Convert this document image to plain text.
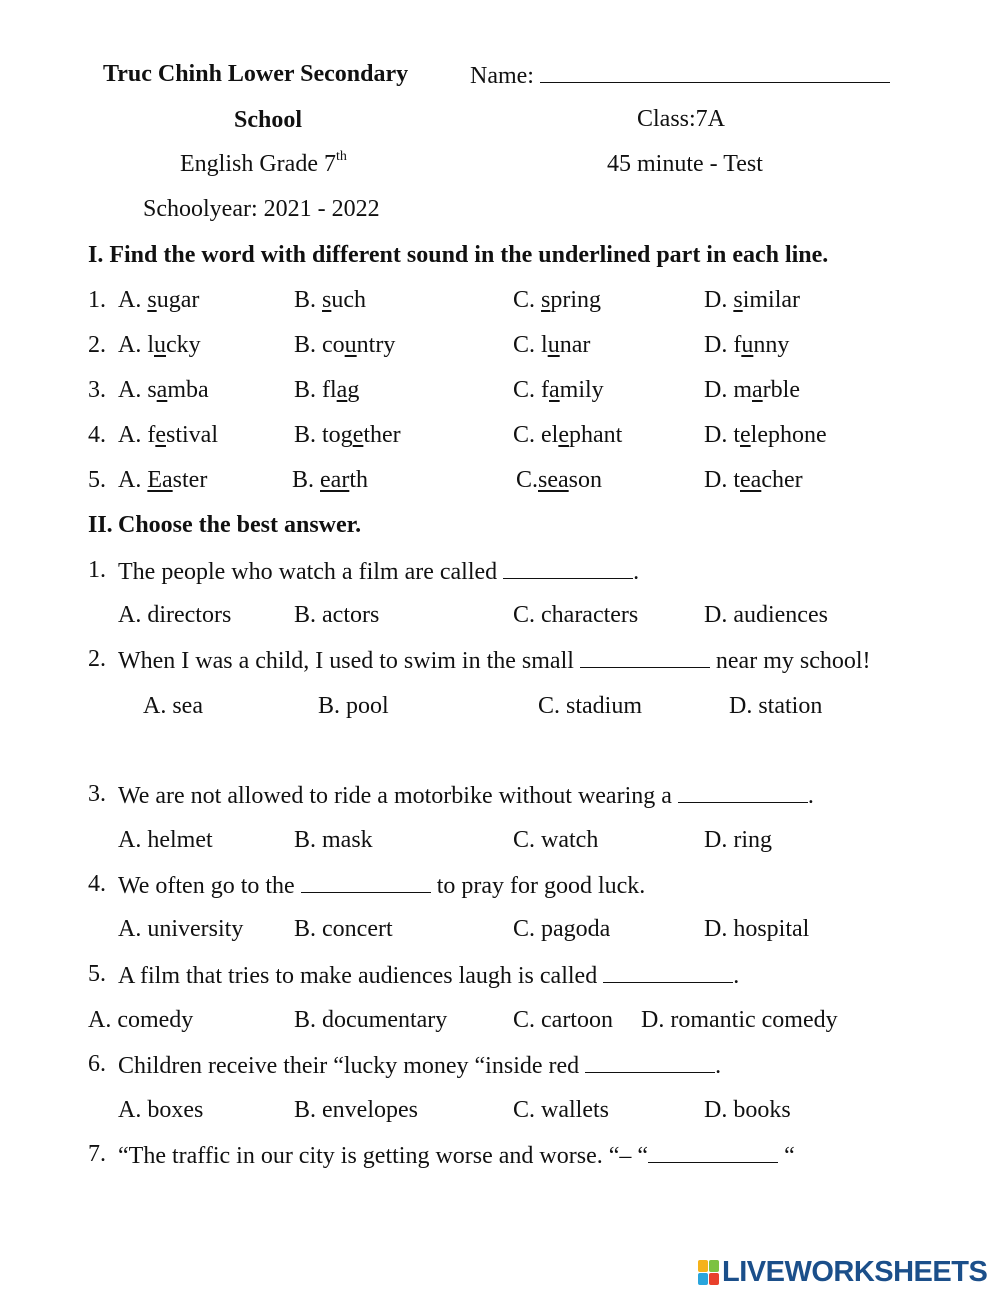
Truc Chinh Lower Secondary	Name:
School	Class:7A
English Grade 7th	45 minute - Test
Schoolyear: 2021 - 2022
I. Find the word with different sound in the underlined part in each line.
1. A. sugar	B. such	C. spring	D. similar
2. A. lucky	B. country	C. lunar	D. funny
3. A. samba	B. flag	C. family	D. marble
4. A. festival	B. together	C. elephant	D. telephone
5. A. Easter	B. earth	C.season	D. teacher
II. Choose the best answer.
1. The people who watch a film are called	.
A. directors	B. actors	C. characters	D. audiences
2. When I was a child, I used to swim in the small	near my school!
A. sea	B. pool	C. stadium	D. station
3. We are not allowed to ride a motorbike without wearing a	.
A. helmet	B. mask	C. watch	D. ring
4. We often go to the	to pray for good luck.
A. university B. concert	C. pagoda	D. hospital
5. A film that tries to make audiences laugh is called	.
A. comedy	B. documentary	C. cartoon D. romantic comedy
6. Children receive their “lucky money “inside red	.
A. boxes	B. envelopes	C. wallets	D. books
7. “The traffic in our city is getting worse and worse. “– “	“
LIVEWORKSHEETS
